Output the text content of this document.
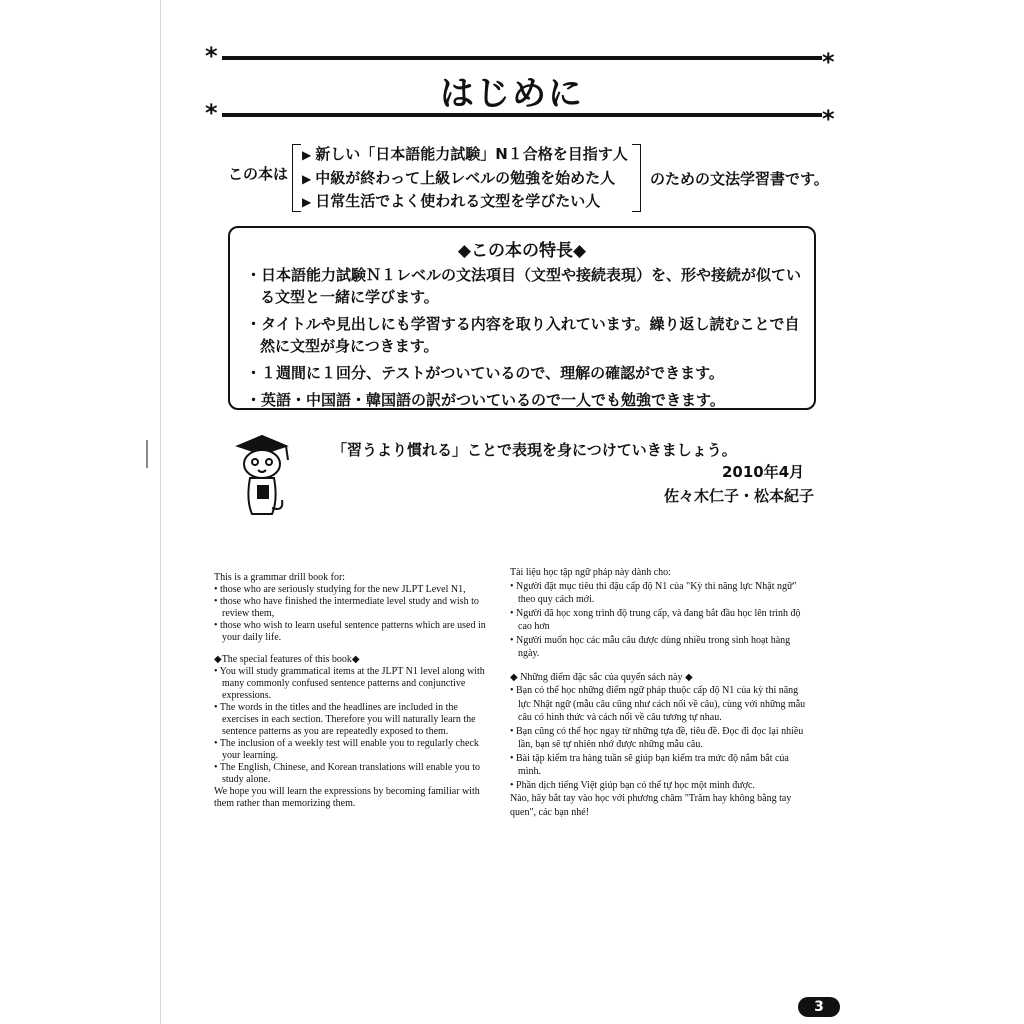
*	*
*	*
はじめに
この本は
▶ 新しい「日本語能力試験」N１合格を目指す人
▶ 中級が終わって上級レベルの勉強を始めた人
▶ 日常生活でよく使われる文型を学びたい人
のための文法学習書です。
◆この本の特長◆
・ 日本語能力試験Ｎ１レベルの文法項目（文型や接続表現）を、形や接続が似ている文型と一緒に学びます。
・ タイトルや見出しにも学習する内容を取り入れています。繰り返し読むことで自然に文型が身につきます。
・ １週間に１回分、テストがついているので、理解の確認ができます。
・ 英語・中国語・韓国語の訳がついているので一人でも勉強できます。
「習うより慣れる」ことで表現を身につけていきましょう。
2010年4月
佐々木仁子・松本紀子

This is a grammar drill book for:

• those who are seriously studying for the new JLPT Level N1,
• those who have finished the intermediate level study and wish to review them,
• those who wish to learn useful sentence patterns which are used in your daily life.

◆The special features of this book◆

• You will study grammatical items at the JLPT N1 level along with many commonly confused sentence patterns and conjunctive expressions.
• The words in the titles and the headlines are included in the exercises in each section. Therefore you will naturally learn the sentence patterns as you are repeatedly exposed to them.
• The inclusion of a weekly test will enable you to regularly check your learning.
• The English, Chinese, and Korean translations will enable you to study alone.

We hope you will learn the expressions by becoming familiar with them rather than memorizing them.

Tài liệu học tập ngữ pháp này dành cho:

• Người đặt mục tiêu thi đậu cấp độ N1 của "Kỳ thi năng lực Nhật ngữ" theo quy cách mới.
• Người đã học xong trình độ trung cấp, và đang bắt đầu học lên trình độ cao hơn
• Người muốn học các mẫu câu được dùng nhiều trong sinh hoạt hàng ngày.

◆ Những điểm đặc sắc của quyển sách này ◆

• Bạn có thể học những điểm ngữ pháp thuộc cấp độ N1 của kỳ thi năng lực Nhật ngữ (mẫu câu cũng như cách nối về câu), cùng với những mẫu câu có hình thức và cách nối về câu tương tự nhau.
• Bạn cũng có thể học ngay từ những tựa đề, tiêu đề. Đọc đi đọc lại nhiều lần, bạn sẽ tự nhiên nhớ được những mẫu câu.
• Bài tập kiểm tra hàng tuần sẽ giúp bạn kiểm tra mức độ nắm bắt của mình.
• Phần dịch tiếng Việt giúp bạn có thể tự học một mình được.

Nào, hãy bắt tay vào học với phương châm "Trăm hay không bằng tay quen", các bạn nhé!

3
